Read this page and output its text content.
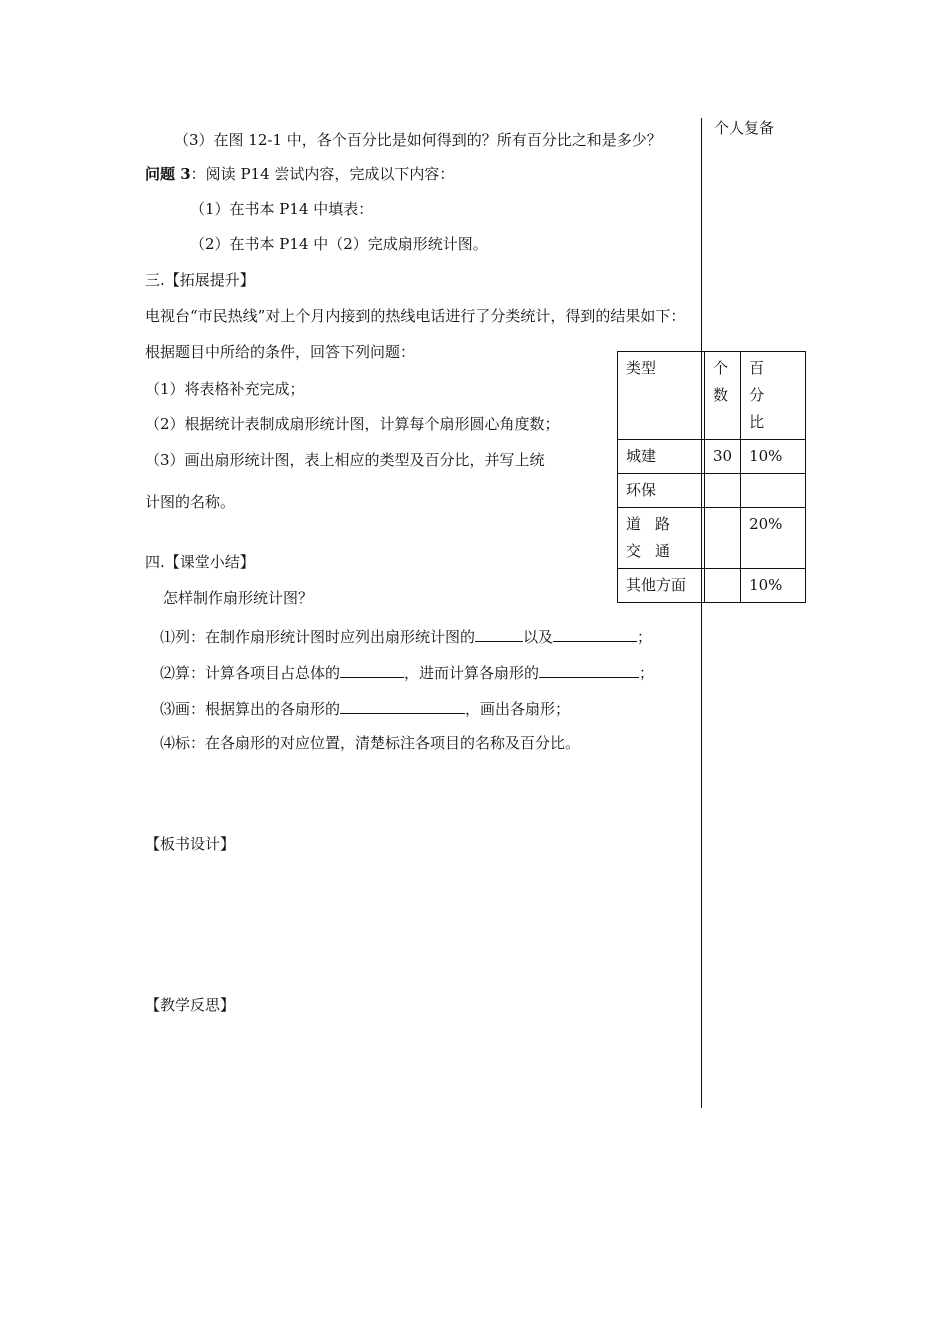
个人复备
（3）在图 12-1 中，各个百分比是如何得到的？所有百分比之和是多少？
问题 3：阅读 P14 尝试内容，完成以下内容：
（1）在书本 P14 中填表：
（2）在书本 P14 中（2）完成扇形统计图。
三.【拓展提升】
电视台“市民热线”对上个月内接到的热线电话进行了分类统计，得到的结果如下：
根据题目中所给的条件，回答下列问题：
（1）将表格补充完成；
（2）根据统计表制成扇形统计图，计算每个扇形圆心角度数；
（3）画出扇形统计图，表上相应的类型及百分比，并写上统
计图的名称。
类型	个数	百分比
城建	30	10%
环保		
道路交通		20%
其他方面		10%
四.【课堂小结】
怎样制作扇形统计图？
⑴列：在制作扇形统计图时应列出扇形统计图的	以及	；
⑵算：计算各项目占总体的	，进而计算各扇形的	；
⑶画：根据算出的各扇形的	，画出各扇形；
⑷标：在各扇形的对应位置，清楚标注各项目的名称及百分比。
【板书设计】
【教学反思】
